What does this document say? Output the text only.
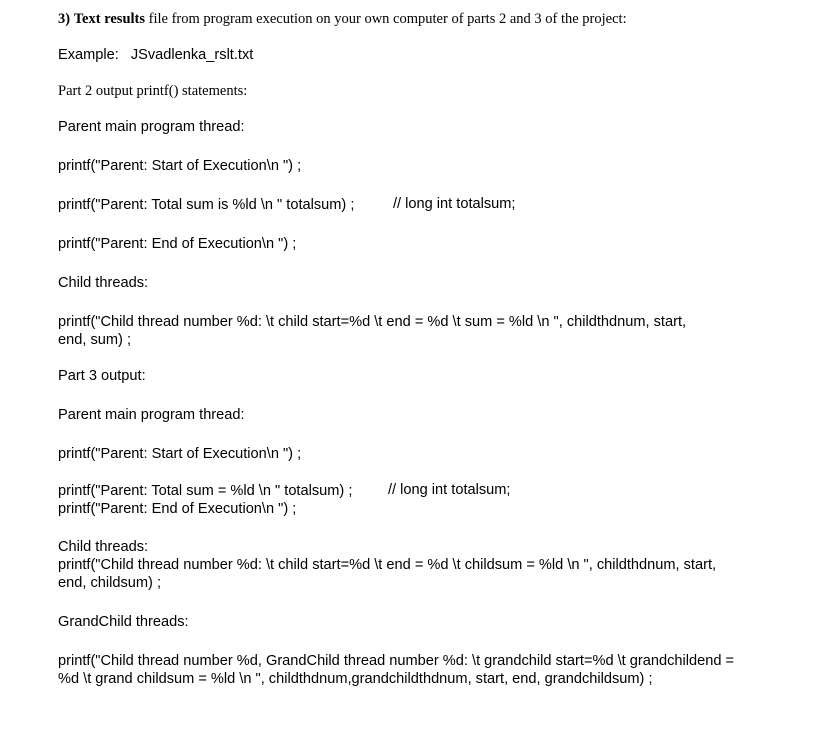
3) Text results file from program execution on your own computer of parts 2 and 3 of the project:

Example: JSvadlenka_rslt.txt

Part 2 output printf() statements:

Parent main program thread:

printf("Parent: Start of Execution\n ") ;

printf("Parent: Total sum is %ld \n " totalsum) ;	// long int totalsum;

printf("Parent: End of Execution\n ") ;

Child threads:

printf("Child thread number %d: \t child start=%d \t end = %d \t sum = %ld \n ", childthdnum, start,

end, sum) ;

Part 3 output:

Parent main program thread:

printf("Parent: Start of Execution\n ") ;

printf("Parent: Total sum = %ld \n " totalsum) ; // long int totalsum;

printf("Parent: End of Execution\n ") ;

Child threads:

printf("Child thread number %d: \t child start=%d \t end = %d \t childsum = %ld \n ", childthdnum, start,

end, childsum) ;

GrandChild threads:

printf("Child thread number %d, GrandChild thread number %d: \t grandchild start=%d \t grandchildend =

%d \t grand childsum = %ld \n ", childthdnum,grandchildthdnum, start, end, grandchildsum) ;
